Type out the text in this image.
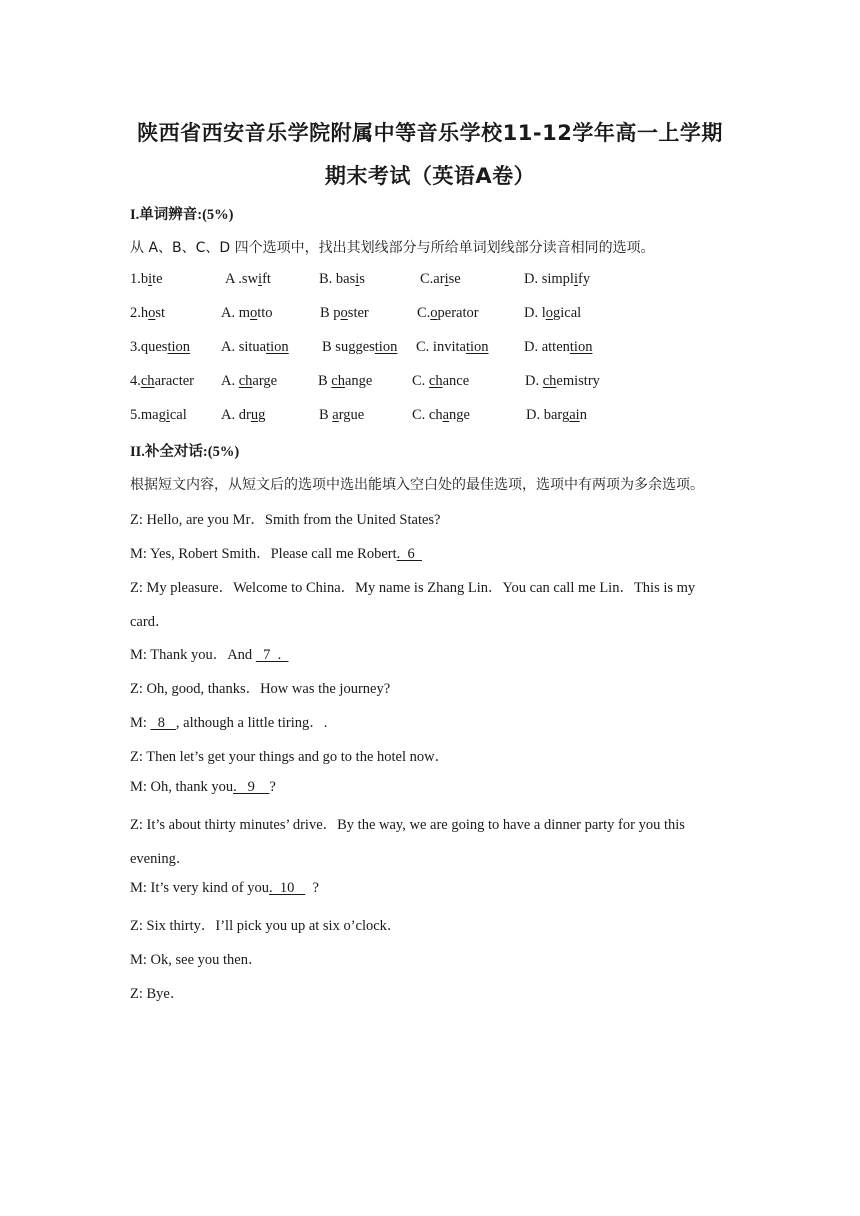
陕西省西安音乐学院附属中等音乐学校11-12学年高一上学期
期末考试（英语A卷）
I.单词辨音:(5%)
从 A、B、C、D 四个选项中，找出其划线部分与所给单词划线部分读音相同的选项。
1.bite	A .swift	B. basis	C.arise	D. simplify
2.host	A. motto	B poster	C.operator	D. logical
3.question A. situation B suggestion C. invitation D. attention
4.character A. charge	B change	C. chance	D. chemistry
5.magical A. drug	B argue	C. change	D. bargain
II.补全对话:(5%)
根据短文内容，从短文后的选项中选出能填入空白处的最佳选项，选项中有两项为多余选项。
Z: Hello, are you Mr．Smith from the United States?
M: Yes, Robert Smith．Please call me Robert.  6
Z: My pleasure．Welcome to China．My name is Zhang Lin．You can call me Lin．This is my
card．
M: Thank you．And   7  .
Z: Oh, good, thanks．How was the journey?
M:   8   , although a little tiring．.
Z: Then let’s get your things and go to the hotel now．
M: Oh, thank you.   9    ?
Z: It’s about thirty minutes’ drive．By the way, we are going to have a dinner party for you this
evening．
M: It’s very kind of you.  10     ?
Z: Six thirty．I’ll pick you up at six o’clock．
M: Ok, see you then．
Z: Bye．
